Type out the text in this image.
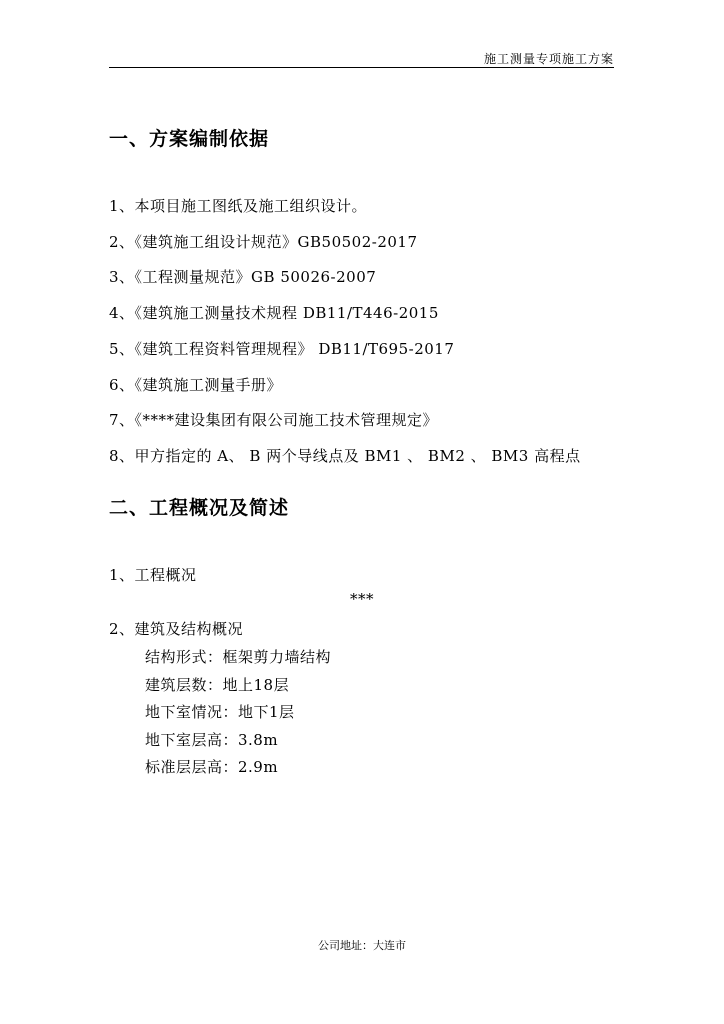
施工测量专项施工方案
一、方案编制依据
1、本项目施工图纸及施工组织设计。
2、《建筑施工组设计规范》GB50502-2017
3、《工程测量规范》GB 50026-2007
4、《建筑施工测量技术规程 DB11/T446-2015
5、《建筑工程资料管理规程》 DB11/T695-2017
6、《建筑施工测量手册》
7、《****建设集团有限公司施工技术管理规定》
8、甲方指定的 A、 B 两个导线点及 BM1 、 BM2 、 BM3 高程点
二、工程概况及简述
1、工程概况
***
2、建筑及结构概况
结构形式：框架剪力墙结构
建筑层数：地上18层
地下室情况：地下1层
地下室层高：3.8m
标准层层高：2.9m
公司地址：大连市
